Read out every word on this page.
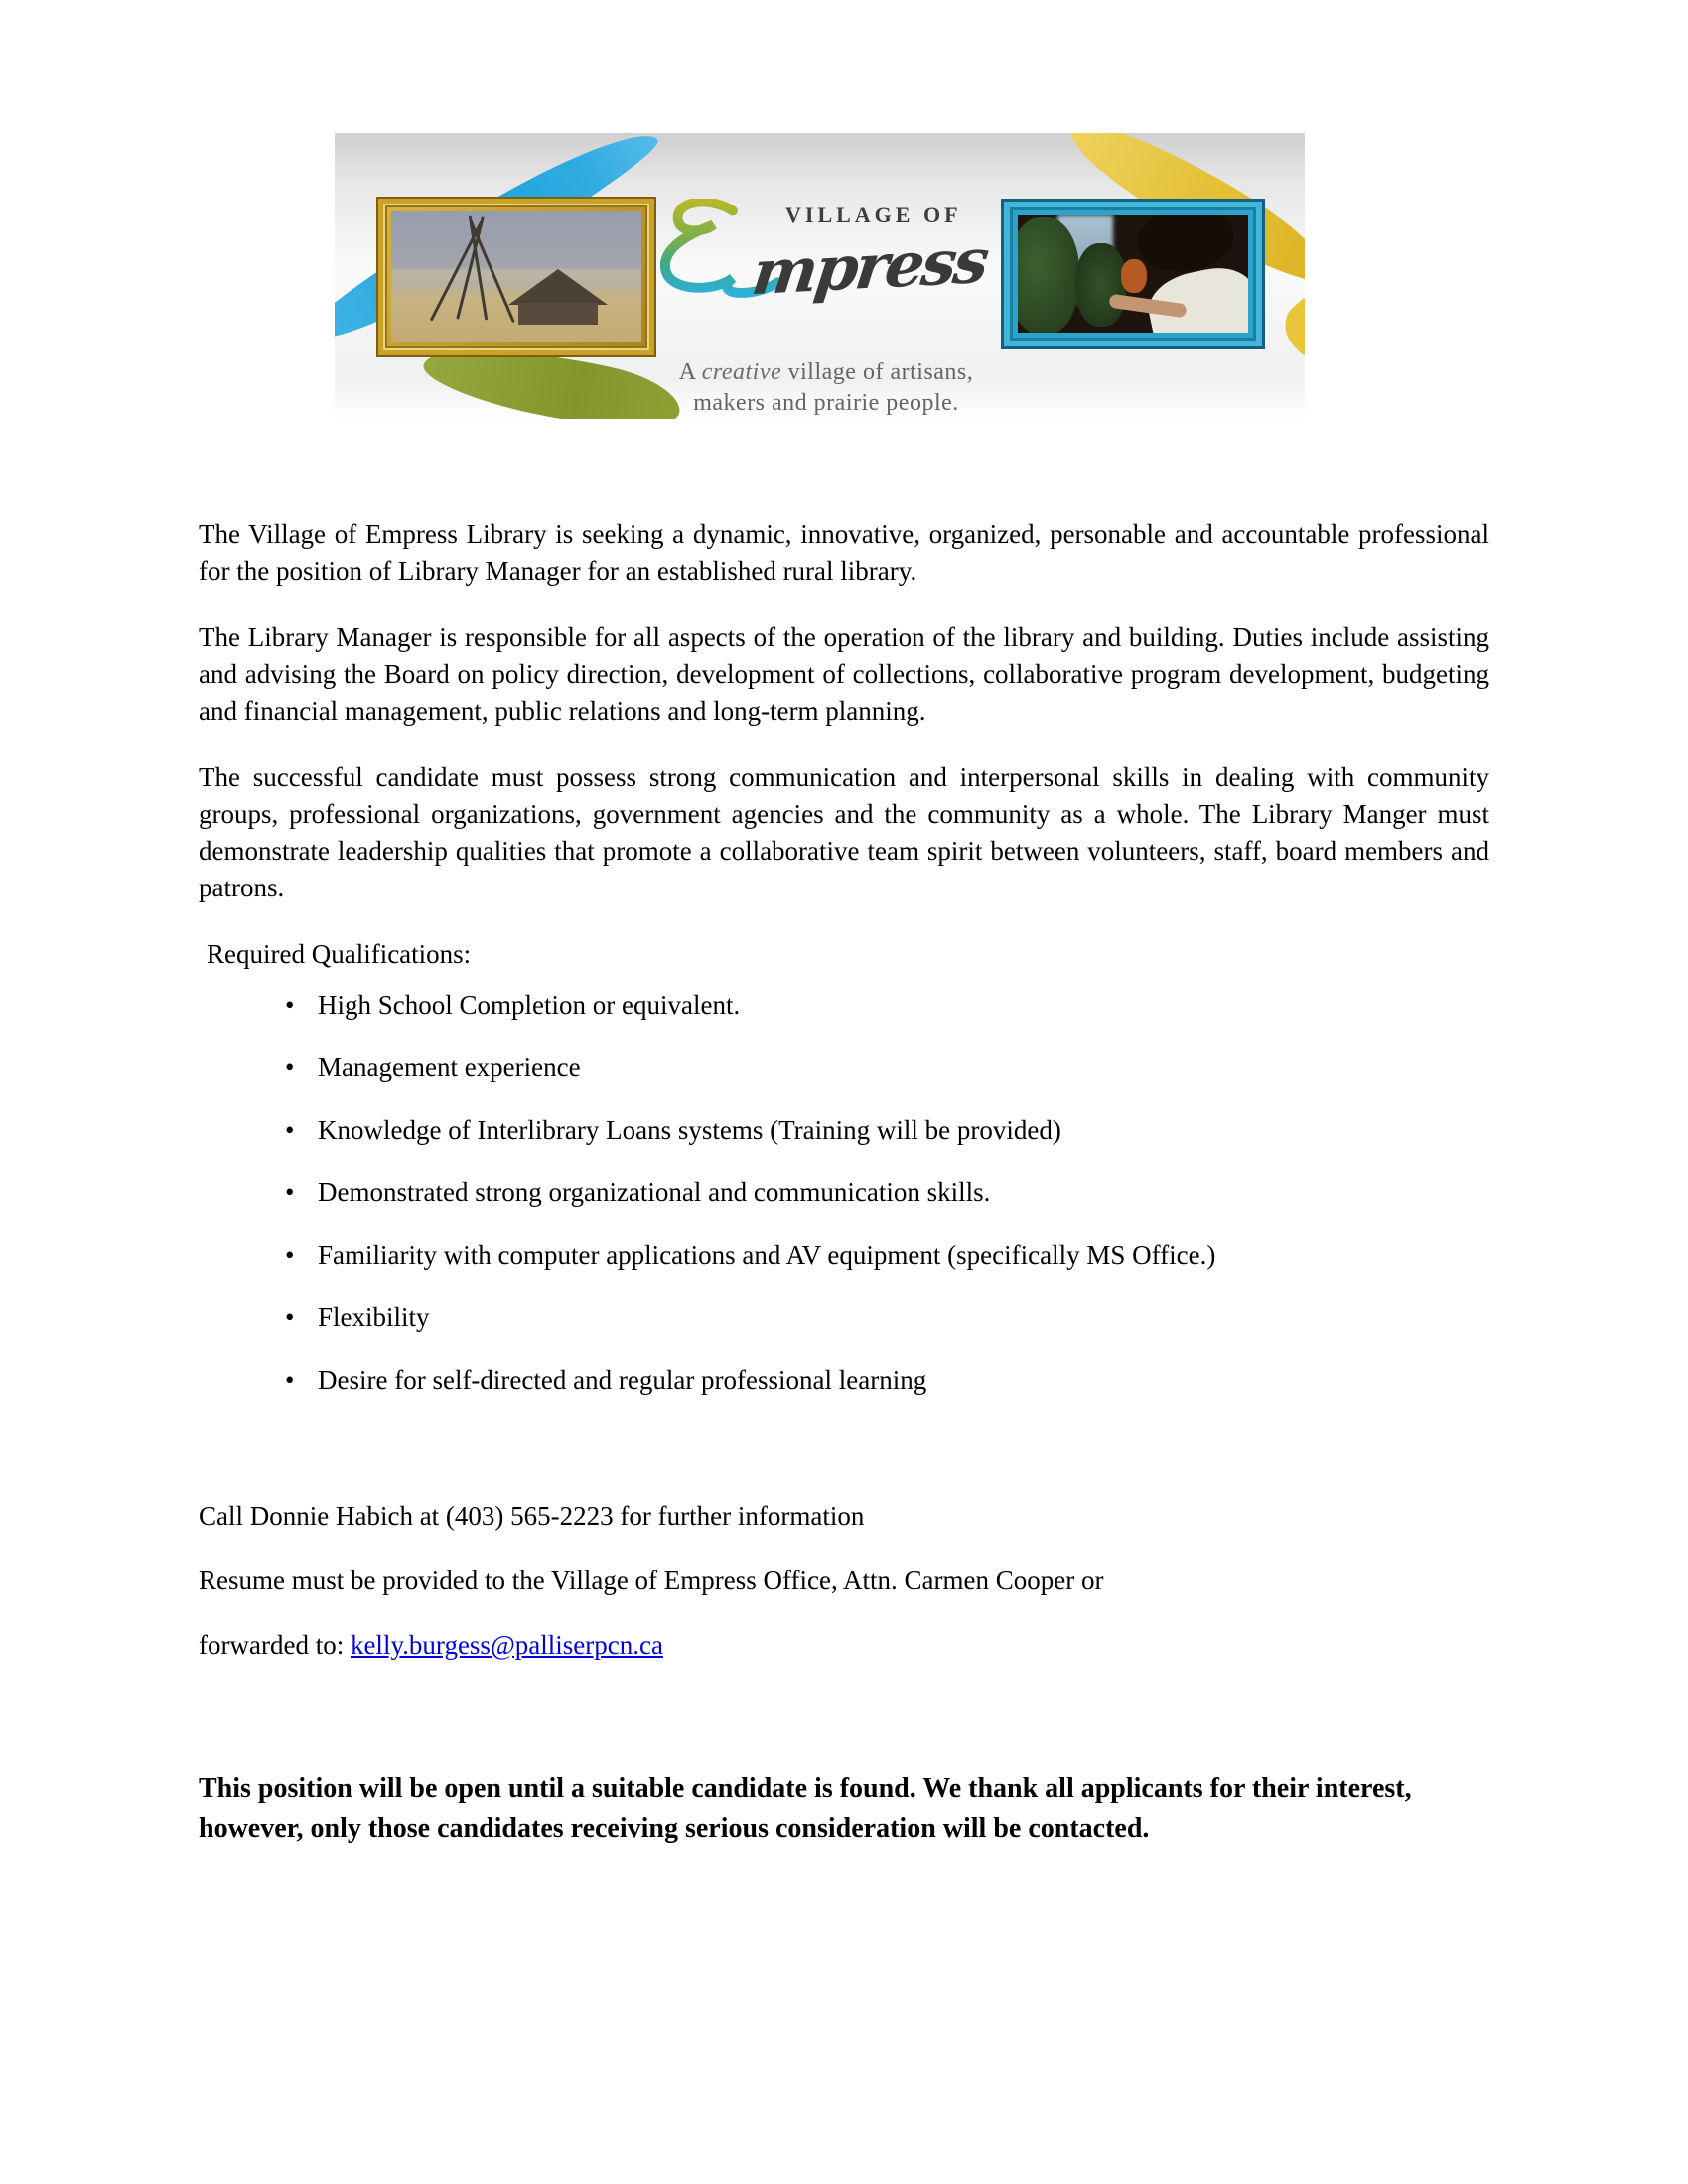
VILLAGE OF
mpress
A creative village of artisans,
makers and prairie people.

The Village of Empress Library is seeking a dynamic, innovative, organized, personable and accountable professional for the position of Library Manager for an established rural library.

The Library Manager is responsible for all aspects of the operation of the library and building. Duties include assisting and advising the Board on policy direction, development of collections, collaborative program development, budgeting and financial management, public relations and long-term planning.

The successful candidate must possess strong communication and interpersonal skills in dealing with community groups, professional organizations, government agencies and the community as a whole. The Library Manger must demonstrate leadership qualities that promote a collaborative team spirit between volunteers, staff, board members and patrons.

Required Qualifications:

• High School Completion or equivalent.
• Management experience
• Knowledge of Interlibrary Loans systems (Training will be provided)
• Demonstrated strong organizational and communication skills.
• Familiarity with computer applications and AV equipment (specifically MS Office.)
• Flexibility
• Desire for self-directed and regular professional learning

Call Donnie Habich at (403) 565-2223 for further information

Resume must be provided to the Village of Empress Office, Attn. Carmen Cooper or

forwarded to: kelly.burgess@palliserpcn.ca

This position will be open until a suitable candidate is found. We thank all applicants for their interest, however, only those candidates receiving serious consideration will be contacted.
